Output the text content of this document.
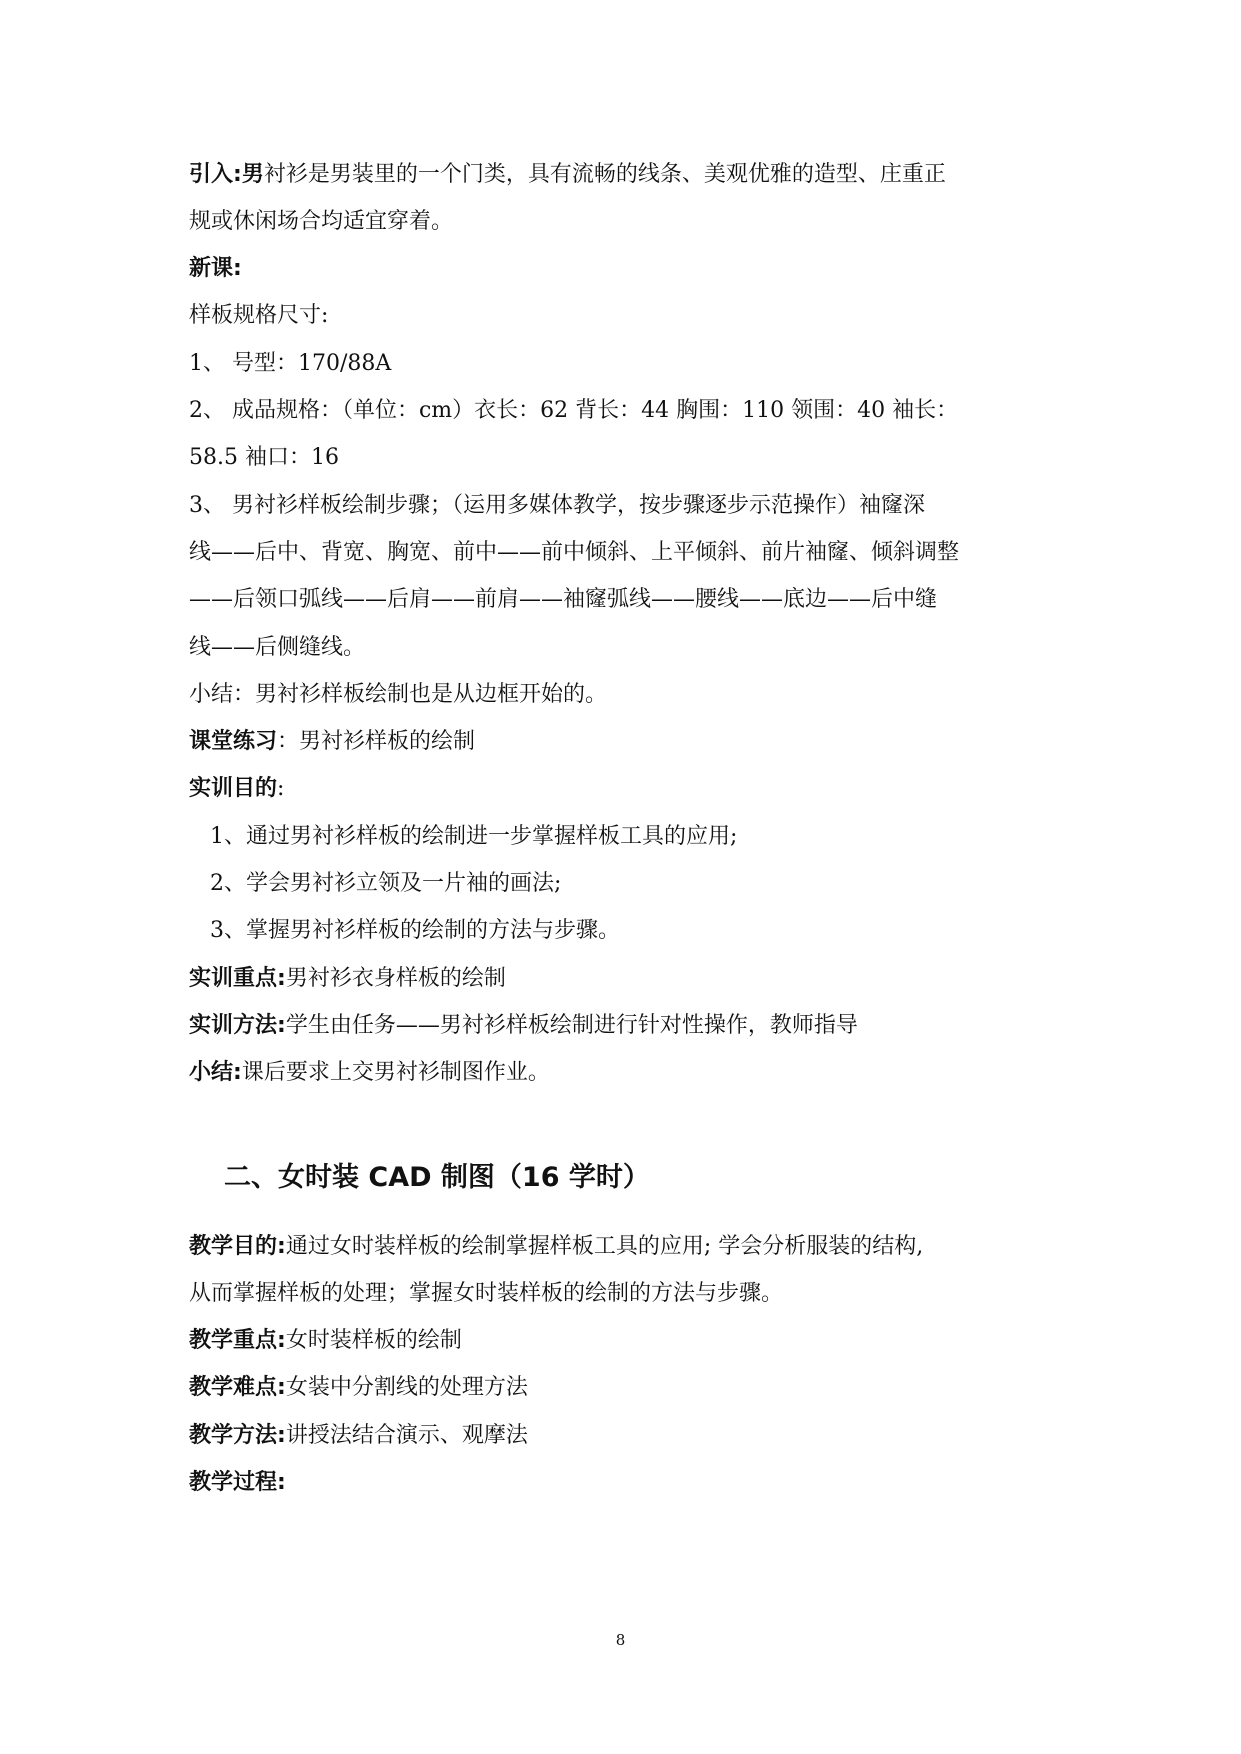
引入:男衬衫是男装里的一个门类，具有流畅的线条、美观优雅的造型、庄重正
规或休闲场合均适宜穿着。
新课:
样板规格尺寸:
1、 号型：170/88A
2、 成品规格：（单位：cm）衣长：62 背长：44 胸围：110 领围：40 袖长：
58.5 袖口：16
3、 男衬衫样板绘制步骤；（运用多媒体教学，按步骤逐步示范操作）袖窿深
线——后中、背宽、胸宽、前中——前中倾斜、上平倾斜、前片袖窿、倾斜调整
——后领口弧线——后肩——前肩——袖窿弧线——腰线——底边——后中缝
线——后侧缝线。
小结：男衬衫样板绘制也是从边框开始的。
课堂练习：男衬衫样板的绘制
实训目的:
1、通过男衬衫样板的绘制进一步掌握样板工具的应用;
2、学会男衬衫立领及一片袖的画法;
3、掌握男衬衫样板的绘制的方法与步骤。
实训重点:男衬衫衣身样板的绘制
实训方法:学生由任务——男衬衫样板绘制进行针对性操作，教师指导
小结:课后要求上交男衬衫制图作业。
二、女时装 CAD 制图（16 学时）
教学目的:通过女时装样板的绘制掌握样板工具的应用; 学会分析服装的结构,
从而掌握样板的处理；掌握女时装样板的绘制的方法与步骤。
教学重点:女时装样板的绘制
教学难点:女装中分割线的处理方法
教学方法:讲授法结合演示、观摩法
教学过程:
8
